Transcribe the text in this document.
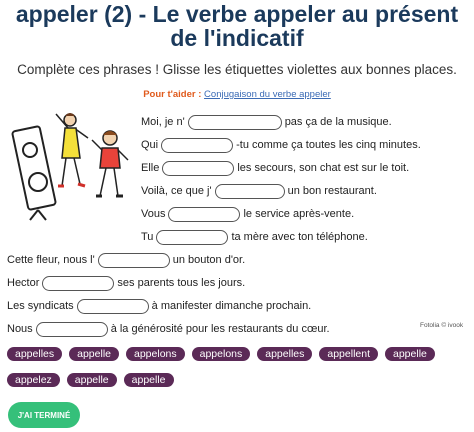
appeler (2) - Le verbe appeler au présent
de l'indicatif
Complète ces phrases ! Glisse les étiquettes violettes aux bonnes places.
Pour t'aider : Conjugaison du verbe appeler
Moi, je n'	pas ça de la musique.
Qui	-tu comme ça toutes les cinq minutes.
Elle	les secours, son chat est sur le toit.
Voilà, ce que j'	un bon restaurant.
Vous	le service après-vente.
Tu	ta mère avec ton téléphone.
Cette fleur, nous l'	un bouton d'or.
Hector	ses parents tous les jours.
Les syndicats	à manifester dimanche prochain.
Nous	à la générosité pour les restaurants du cœur.	Fotolia © ivook
appelles	appelle	appelons	appelons	appelles	appellent	appelle
appelez	appelle	appelle
J'AI TERMINÉ
